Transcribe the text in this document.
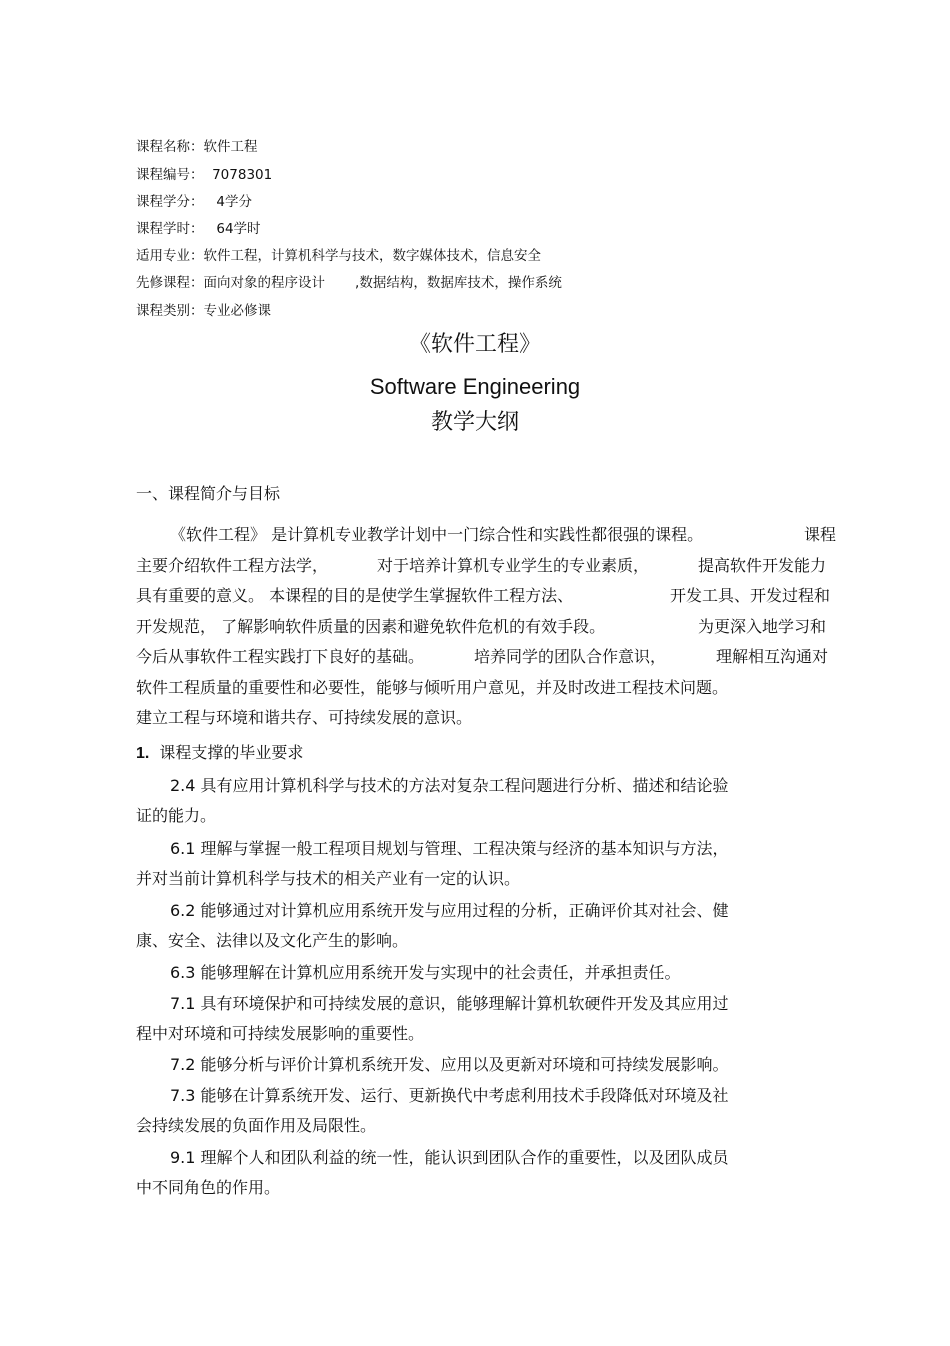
课程名称：软件工程
课程编号：  7078301
课程学分：   4学分
课程学时：   64学时
适用专业：软件工程，计算机科学与技术，数字媒体技术，信息安全
先修课程：面向对象的程序设计       ,数据结构，数据库技术，操作系统
课程类别：专业必修课
《软件工程》
Software Engineering
教学大纲
一、课程简介与目标
《软件工程》 是计算机专业教学计划中一门综合性和实践性都很强的课程。	课程
主要介绍软件工程方法学，	对于培养计算机专业学生的专业素质，	提高软件开发能力
具有重要的意义。 本课程的目的是使学生掌握软件工程方法、	开发工具、开发过程和
开发规范， 了解影响软件质量的因素和避免软件危机的有效手段。	为更深入地学习和
今后从事软件工程实践打下良好的基础。	培养同学的团队合作意识，	理解相互沟通对
软件工程质量的重要性和必要性，能够与倾听用户意见，并及时改进工程技术问题。
建立工程与环境和谐共存、可持续发展的意识。
1. 课程支撑的毕业要求
2.4 具有应用计算机科学与技术的方法对复杂工程问题进行分析、描述和结论验
证的能力。
6.1 理解与掌握一般工程项目规划与管理、工程决策与经济的基本知识与方法，
并对当前计算机科学与技术的相关产业有一定的认识。
6.2 能够通过对计算机应用系统开发与应用过程的分析，正确评价其对社会、健
康、安全、法律以及文化产生的影响。
6.3 能够理解在计算机应用系统开发与实现中的社会责任，并承担责任。
7.1 具有环境保护和可持续发展的意识，能够理解计算机软硬件开发及其应用过
程中对环境和可持续发展影响的重要性。
7.2 能够分析与评价计算机系统开发、应用以及更新对环境和可持续发展影响。
7.3 能够在计算系统开发、运行、更新换代中考虑利用技术手段降低对环境及社
会持续发展的负面作用及局限性。
9.1 理解个人和团队利益的统一性，能认识到团队合作的重要性，以及团队成员
中不同角色的作用。
